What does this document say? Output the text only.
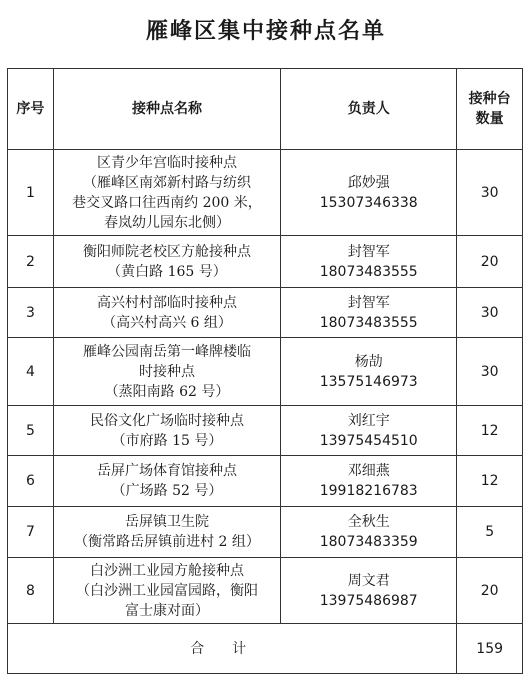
雁峰区集中接种点名单
序号	接种点名称	负责人	接种台
数量

1	区青少年宫临时接种点
（雁峰区南郊新村路与纺织
巷交叉路口往西南约 200 米，
春岚幼儿园东北侧）	邱妙强
15307346338	30
2	衡阳师院老校区方舱接种点
（黄白路 165 号）	封智军
18073483555	20
3	高兴村村部临时接种点
（高兴村高兴 6 组）	封智军
18073483555	30
4	雁峰公园南岳第一峰牌楼临
时接种点
（蒸阳南路 62 号）	杨劼
13575146973	30
5	民俗文化广场临时接种点
（市府路 15 号）	刘红宇
13975454510	12
6	岳屏广场体育馆接种点
（广场路 52 号）	邓细燕
19918216783	12
7	岳屏镇卫生院
（衡常路岳屏镇前进村 2 组）	全秋生
18073483359	5
8	白沙洲工业园方舱接种点
（白沙洲工业园富园路，衡阳
富士康对面）	周文君
13975486987	20
合计			159
